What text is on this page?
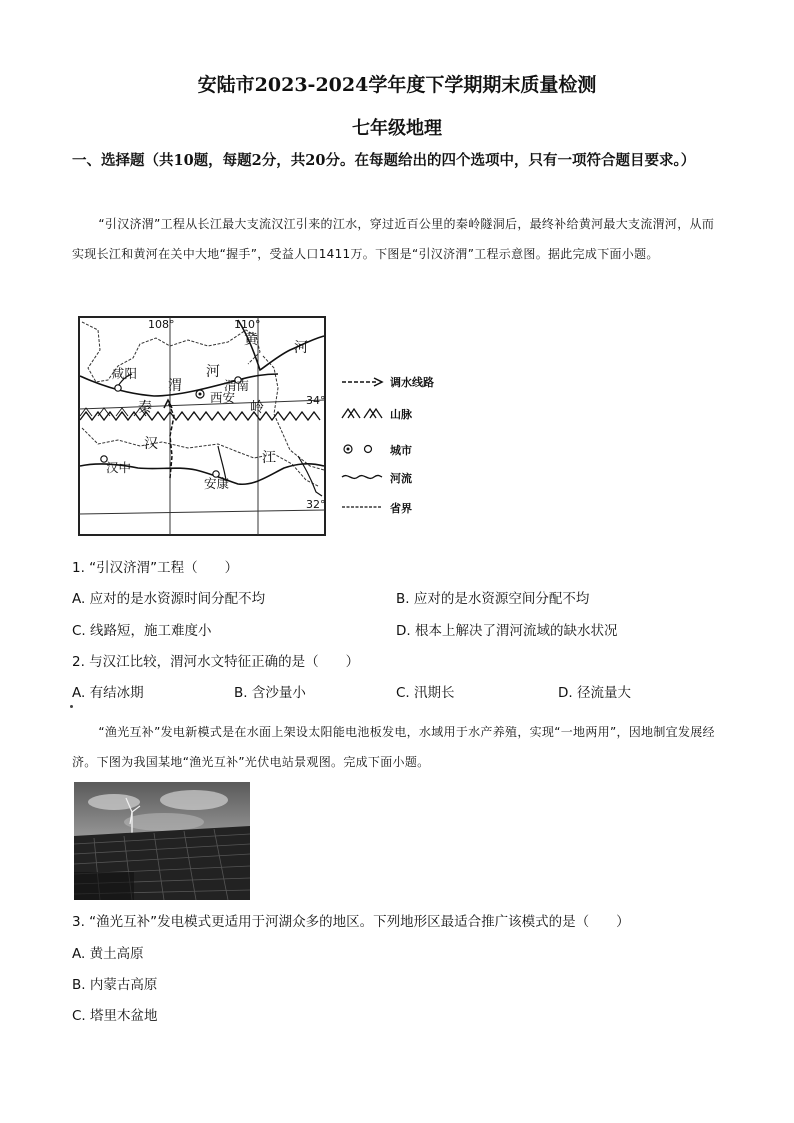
安陆市2023-2024学年度下学期期末质量检测
七年级地理
一、选择题（共10题，每题2分，共20分。在每题给出的四个选项中，只有一项符合题目要求。）
“引汉济渭”工程从长江最大支流汉江引来的江水，穿过近百公里的秦岭隧洞后，最终补给黄河最大支流渭河，从而实现长江和黄河在关中大地“握手”，受益人口1411万。下图是“引汉济渭”工程示意图。据此完成下面小题。
108°	110°
34°
32°
咸阳
西安
渭南
汉中
安康
渭
河
黄	河
秦	岭
汉
江
调水线路
山脉
城市
河流
省界
1. “引汉济渭”工程（　　）
A. 应对的是水资源时间分配不均	B. 应对的是水资源空间分配不均
C. 线路短，施工难度小	D. 根本上解决了渭河流域的缺水状况
2. 与汉江比较，渭河水文特征正确的是（　　）
A. 有结冰期	B. 含沙量小	C. 汛期长	D. 径流量大
“渔光互补”发电新模式是在水面上架设太阳能电池板发电，水域用于水产养殖，实现“一地两用”，因地制宜发展经济。下图为我国某地“渔光互补”光伏电站景观图。完成下面小题。
3. “渔光互补”发电模式更适用于河湖众多的地区。下列地形区最适合推广该模式的是（　　）
A. 黄土高原
B. 内蒙古高原
C. 塔里木盆地
